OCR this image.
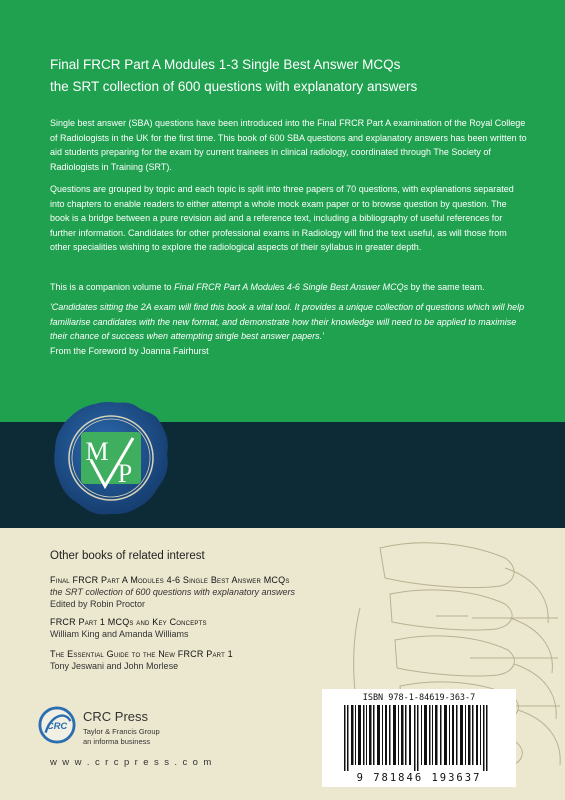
Final FRCR Part A Modules 1-3 Single Best Answer MCQs
the SRT collection of 600 questions with explanatory answers
Single best answer (SBA) questions have been introduced into the Final FRCR Part A examination of the Royal College of Radiologists in the UK for the first time. This book of 600 SBA questions and explanatory answers has been written to aid students preparing for the exam by current trainees in clinical radiology, coordinated through The Society of Radiologists in Training (SRT).
Questions are grouped by topic and each topic is split into three papers of 70 questions, with explanations separated into chapters to enable readers to either attempt a whole mock exam paper or to browse question by question. The book is a bridge between a pure revision aid and a reference text, including a bibliography of useful references for further information. Candidates for other professional exams in Radiology will find the text useful, as will those from other specialities wishing to explore the radiological aspects of their syllabus in greater depth.
This is a companion volume to Final FRCR Part A Modules 4-6 Single Best Answer MCQs by the same team.
'Candidates sitting the 2A exam will find this book a vital tool. It provides a unique collection of questions which will help familiarise candidates with the new format, and demonstrate how their knowledge will need to be applied to maximise their chance of success when attempting single best answer papers.'
From the Foreword by Joanna Fairhurst
ISBN 978-1-84619-363-7
9 781846 193637
M
P
Other books of related interest
Final FRCR Part A Modules 4-6 Single Best Answer MCQs
the SRT collection of 600 questions with explanatory answers
Edited by Robin Proctor
FRCR Part 1 MCQs and Key Concepts
William King and Amanda Williams
The Essential Guide to the New FRCR Part 1
Tony Jeswani and John Morlese
CRC
CRC Press
Taylor & Francis Group
an informa business
w w w . c r c p r e s s . c o m
